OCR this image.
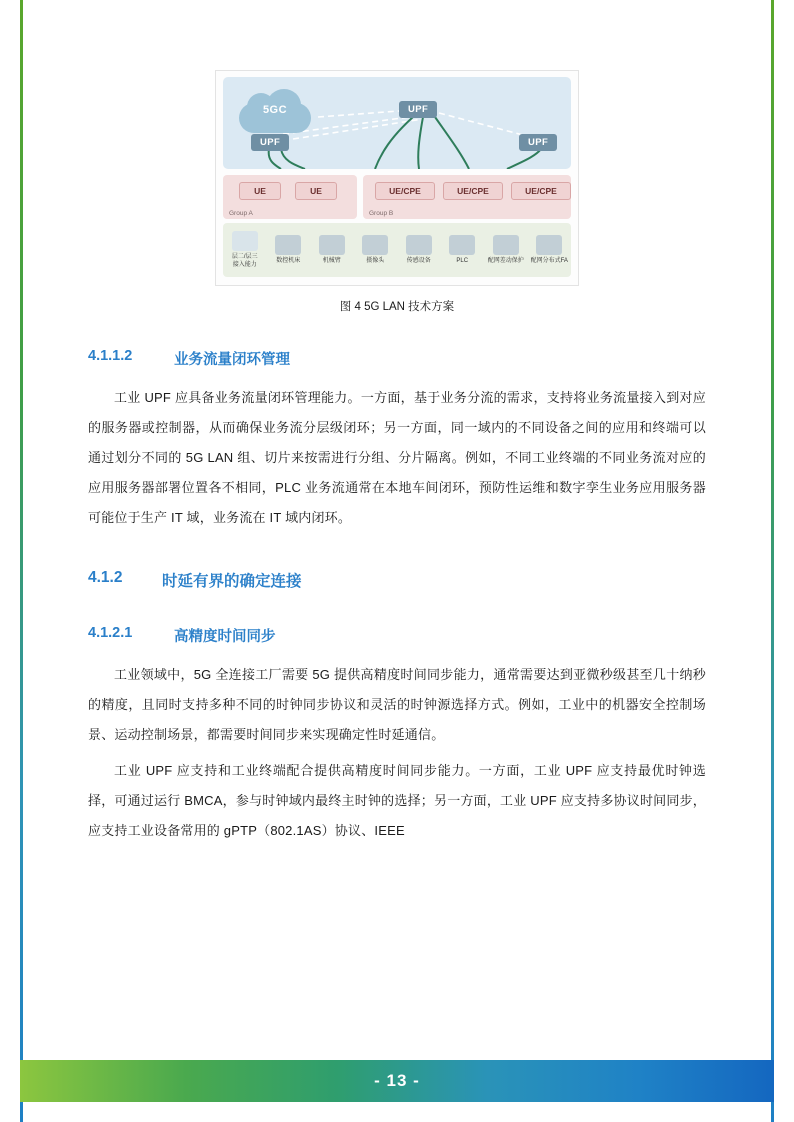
5GC	UPF
UPF	UPF
UE	UE
Group A
UE/CPE	UE/CPE	UE/CPE
Group B
层二/层三
接入能力
数控机床	机械臂	摄像头	传感设备	PLC	配网差动保护	配网分布式FA
图 4 5G LAN 技术方案
4.1.1.2	业务流量闭环管理

工业 UPF 应具备业务流量闭环管理能力。一方面，基于业务分流的需求，支持将业务流量接入到对应的服务器或控制器，从而确保业务流分层级闭环；另一方面，同一域内的不同设备之间的应用和终端可以通过划分不同的 5G LAN 组、切片来按需进行分组、分片隔离。例如，不同工业终端的不同业务流对应的应用服务器部署位置各不相同，PLC 业务流通常在本地车间闭环，预防性运维和数字孪生业务应用服务器可能位于生产 IT 域，业务流在 IT 域内闭环。

4.1.2	时延有界的确定连接
4.1.2.1	高精度时间同步

工业领域中，5G 全连接工厂需要 5G 提供高精度时间同步能力，通常需要达到亚微秒级甚至几十纳秒的精度，且同时支持多种不同的时钟同步协议和灵活的时钟源选择方式。例如，工业中的机器安全控制场景、运动控制场景，都需要时间同步来实现确定性时延通信。

工业 UPF 应支持和工业终端配合提供高精度时间同步能力。一方面，工业 UPF 应支持最优时钟选择，可通过运行 BMCA，参与时钟域内最终主时钟的选择；另一方面，工业 UPF 应支持多协议时间同步，应支持工业设备常用的 gPTP（802.1AS）协议、IEEE

- 13 -
